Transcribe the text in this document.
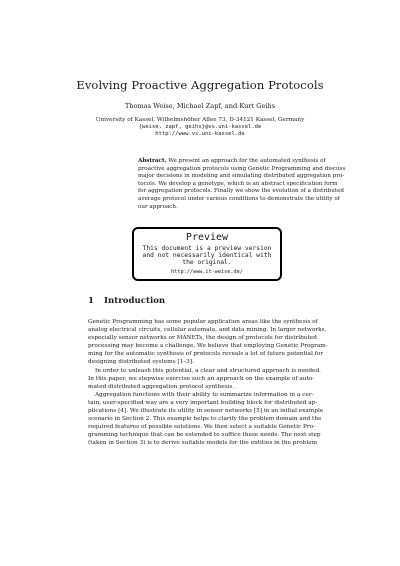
Evolving Proactive Aggregation Protocols
Thomas Weise, Michael Zapf, and Kurt Geihs
University of Kassel, Wilhelmshöher Allee 73, D-34121 Kassel, Germany
{weise, zapf, geihs}@vs.uni-kassel.de
http://www.vs.uni-kassel.de
Abstract. We present an approach for the automated synthesis of
proactive aggregation protocols using Genetic Programming and discuss
major decisions in modeling and simulating distributed aggregation pro-
tocols. We develop a genotype, which is an abstract specification form
for aggregation protocols. Finally we show the evolution of a distributed
average protocol under various conditions to demonstrate the utility of
our approach.
Preview
This document is a preview version
and not necessarily identical with
the original.
http://www.it-weise.de/
1 Introduction
Genetic Programming has some popular application areas like the synthesis of
analog electrical circuits, cellular automata, and data mining. In larger networks,
especially sensor networks or MANETs, the design of protocols for distributed
processing may become a challenge. We believe that employing Genetic Program-
ming for the automatic synthesis of protocols reveals a lot of future potential for
designing distributed systems [1–3].
In order to unleash this potential, a clear and structured approach is needed.
In this paper, we stepwise exercise such an approach on the example of auto-
mated distributed aggregation protocol synthesis.
Aggregation functions with their ability to summarize information in a cer-
tain, user-specified way are a very important building block for distributed ap-
plications [4]. We illustrate its utility in sensor networks [5] in an initial example
scenario in Section 2. This example helps to clarify the problem domain and the
required features of possible solutions. We then select a suitable Genetic Pro-
gramming technique that can be extended to suffice these needs. The next step
(taken in Section 3) is to derive suitable models for the entities in the problem
